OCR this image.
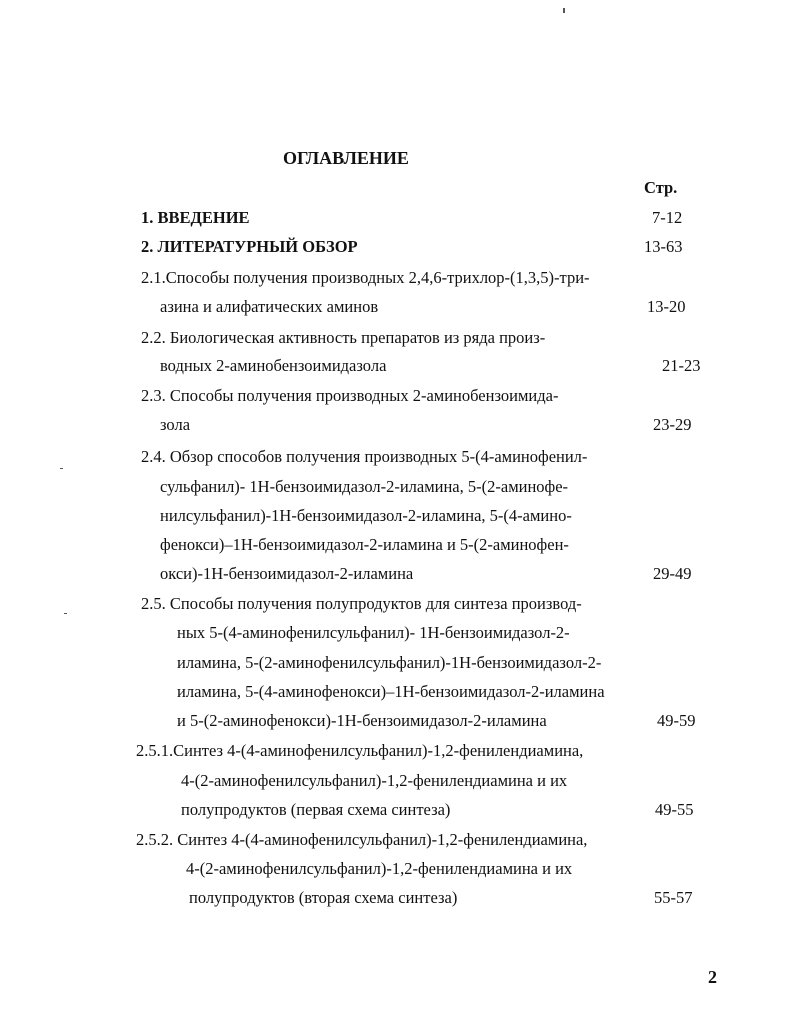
ОГЛАВЛЕНИЕ
Стр.
1. ВВЕДЕНИЕ	7-12
2. ЛИТЕРАТУРНЫЙ ОБЗОР	13-63
2.1.Способы получения производных 2,4,6-трихлор-(1,3,5)-три-
азина и алифатических аминов	13-20
2.2. Биологическая активность препаратов из ряда произ-
водных 2-аминобензоимидазола	21-23
2.3. Способы получения производных 2-аминобензоимида-
зола	23-29
2.4. Обзор способов получения производных 5-(4-аминофенил-
сульфанил)- 1H-бензоимидазол-2-иламина, 5-(2-аминофе-
нилсульфанил)-1H-бензоимидазол-2-иламина, 5-(4-амино-
фенокси)–1H-бензоимидазол-2-иламина и 5-(2-аминофен-
окси)-1Н-бензоимидазол-2-иламина	29-49
2.5. Способы получения полупродуктов для синтеза производ-
ных 5-(4-аминофенилсульфанил)- 1H-бензоимидазол-2-
иламина, 5-(2-аминофенилсульфанил)-1H-бензоимидазол-2-
иламина, 5-(4-аминофенокси)–1H-бензоимидазол-2-иламина
и 5-(2-аминофенокси)-1Н-бензоимидазол-2-иламина	49-59
2.5.1.Синтез 4-(4-аминофенилсульфанил)-1,2-фенилендиамина,
4-(2-аминофенилсульфанил)-1,2-фенилендиамина и их
полупродуктов (первая схема синтеза)	49-55
2.5.2. Синтез 4-(4-аминофенилсульфанил)-1,2-фенилендиамина,
4-(2-аминофенилсульфанил)-1,2-фенилендиамина и их
полупродуктов (вторая схема синтеза)	55-57
2
